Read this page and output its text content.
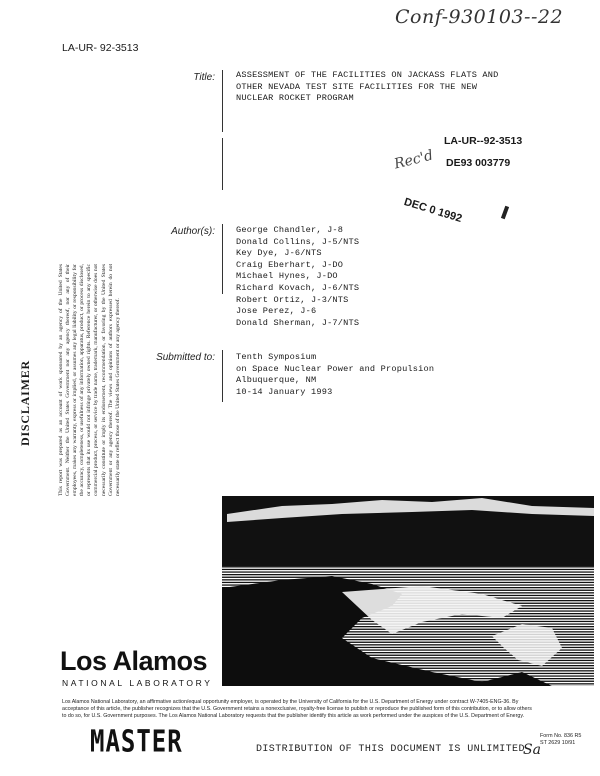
Conf-930103--22
LA-UR- 92-3513
Title: ASSESSMENT OF THE FACILITIES ON JACKASS FLATS AND
OTHER NEVADA TEST SITE FACILITIES FOR THE NEW
NUCLEAR ROCKET PROGRAM
LA-UR--92-3513
Rec'd DE93 003779
DEC 0 1992
Author(s): George Chandler, J-8
Donald Collins, J-5/NTS
Key Dye, J-6/NTS
Craig Eberhart, J-DO
Michael Hynes, J-DO
Richard Kovach, J-6/NTS
Robert Ortiz, J-3/NTS
Jose Perez, J-6
Donald Sherman, J-7/NTS
Submitted to: Tenth Symposium
on Space Nuclear Power and Propulsion
Albuquerque, NM
10-14 January 1993
DISCLAIMER	This report was prepared as an account of work sponsored by an agency of the United States Government. Neither the United States Government nor any agency thereof, nor any of their employees, makes any warranty, express or implied, or assumes any legal liability or responsibility for the accuracy, completeness, or usefulness of any information, apparatus, product, or process disclosed, or represents that its use would not infringe privately owned rights. Reference herein to any specific commercial product, process, or service by trade name, trademark, manufacturer, or otherwise does not necessarily constitute or imply its endorsement, recommendation, or favoring by the United States Government or any agency thereof. The views and opinions of authors expressed herein do not necessarily state or reflect those of the United States Government or any agency thereof.

Los Alamos
NATIONAL LABORATORY
Los Alamos National Laboratory, an affirmative action/equal opportunity employer, is operated by the University of California for the U.S. Department of Energy under contract W-7405-ENG-36. By acceptance of this article, the publisher recognizes that the U.S. Government retains a nonexclusive, royalty-free license to publish or reproduce the published form of this contribution, or to allow others to do so, for U.S. Government purposes. The Los Alamos National Laboratory requests that the publisher identify this article as work performed under the auspices of the U.S. Department of Energy.
Form No. 836 R5
ST 2629 10/91
MASTER	DISTRIBUTION OF THIS DOCUMENT IS UNLIMITED
Sa
